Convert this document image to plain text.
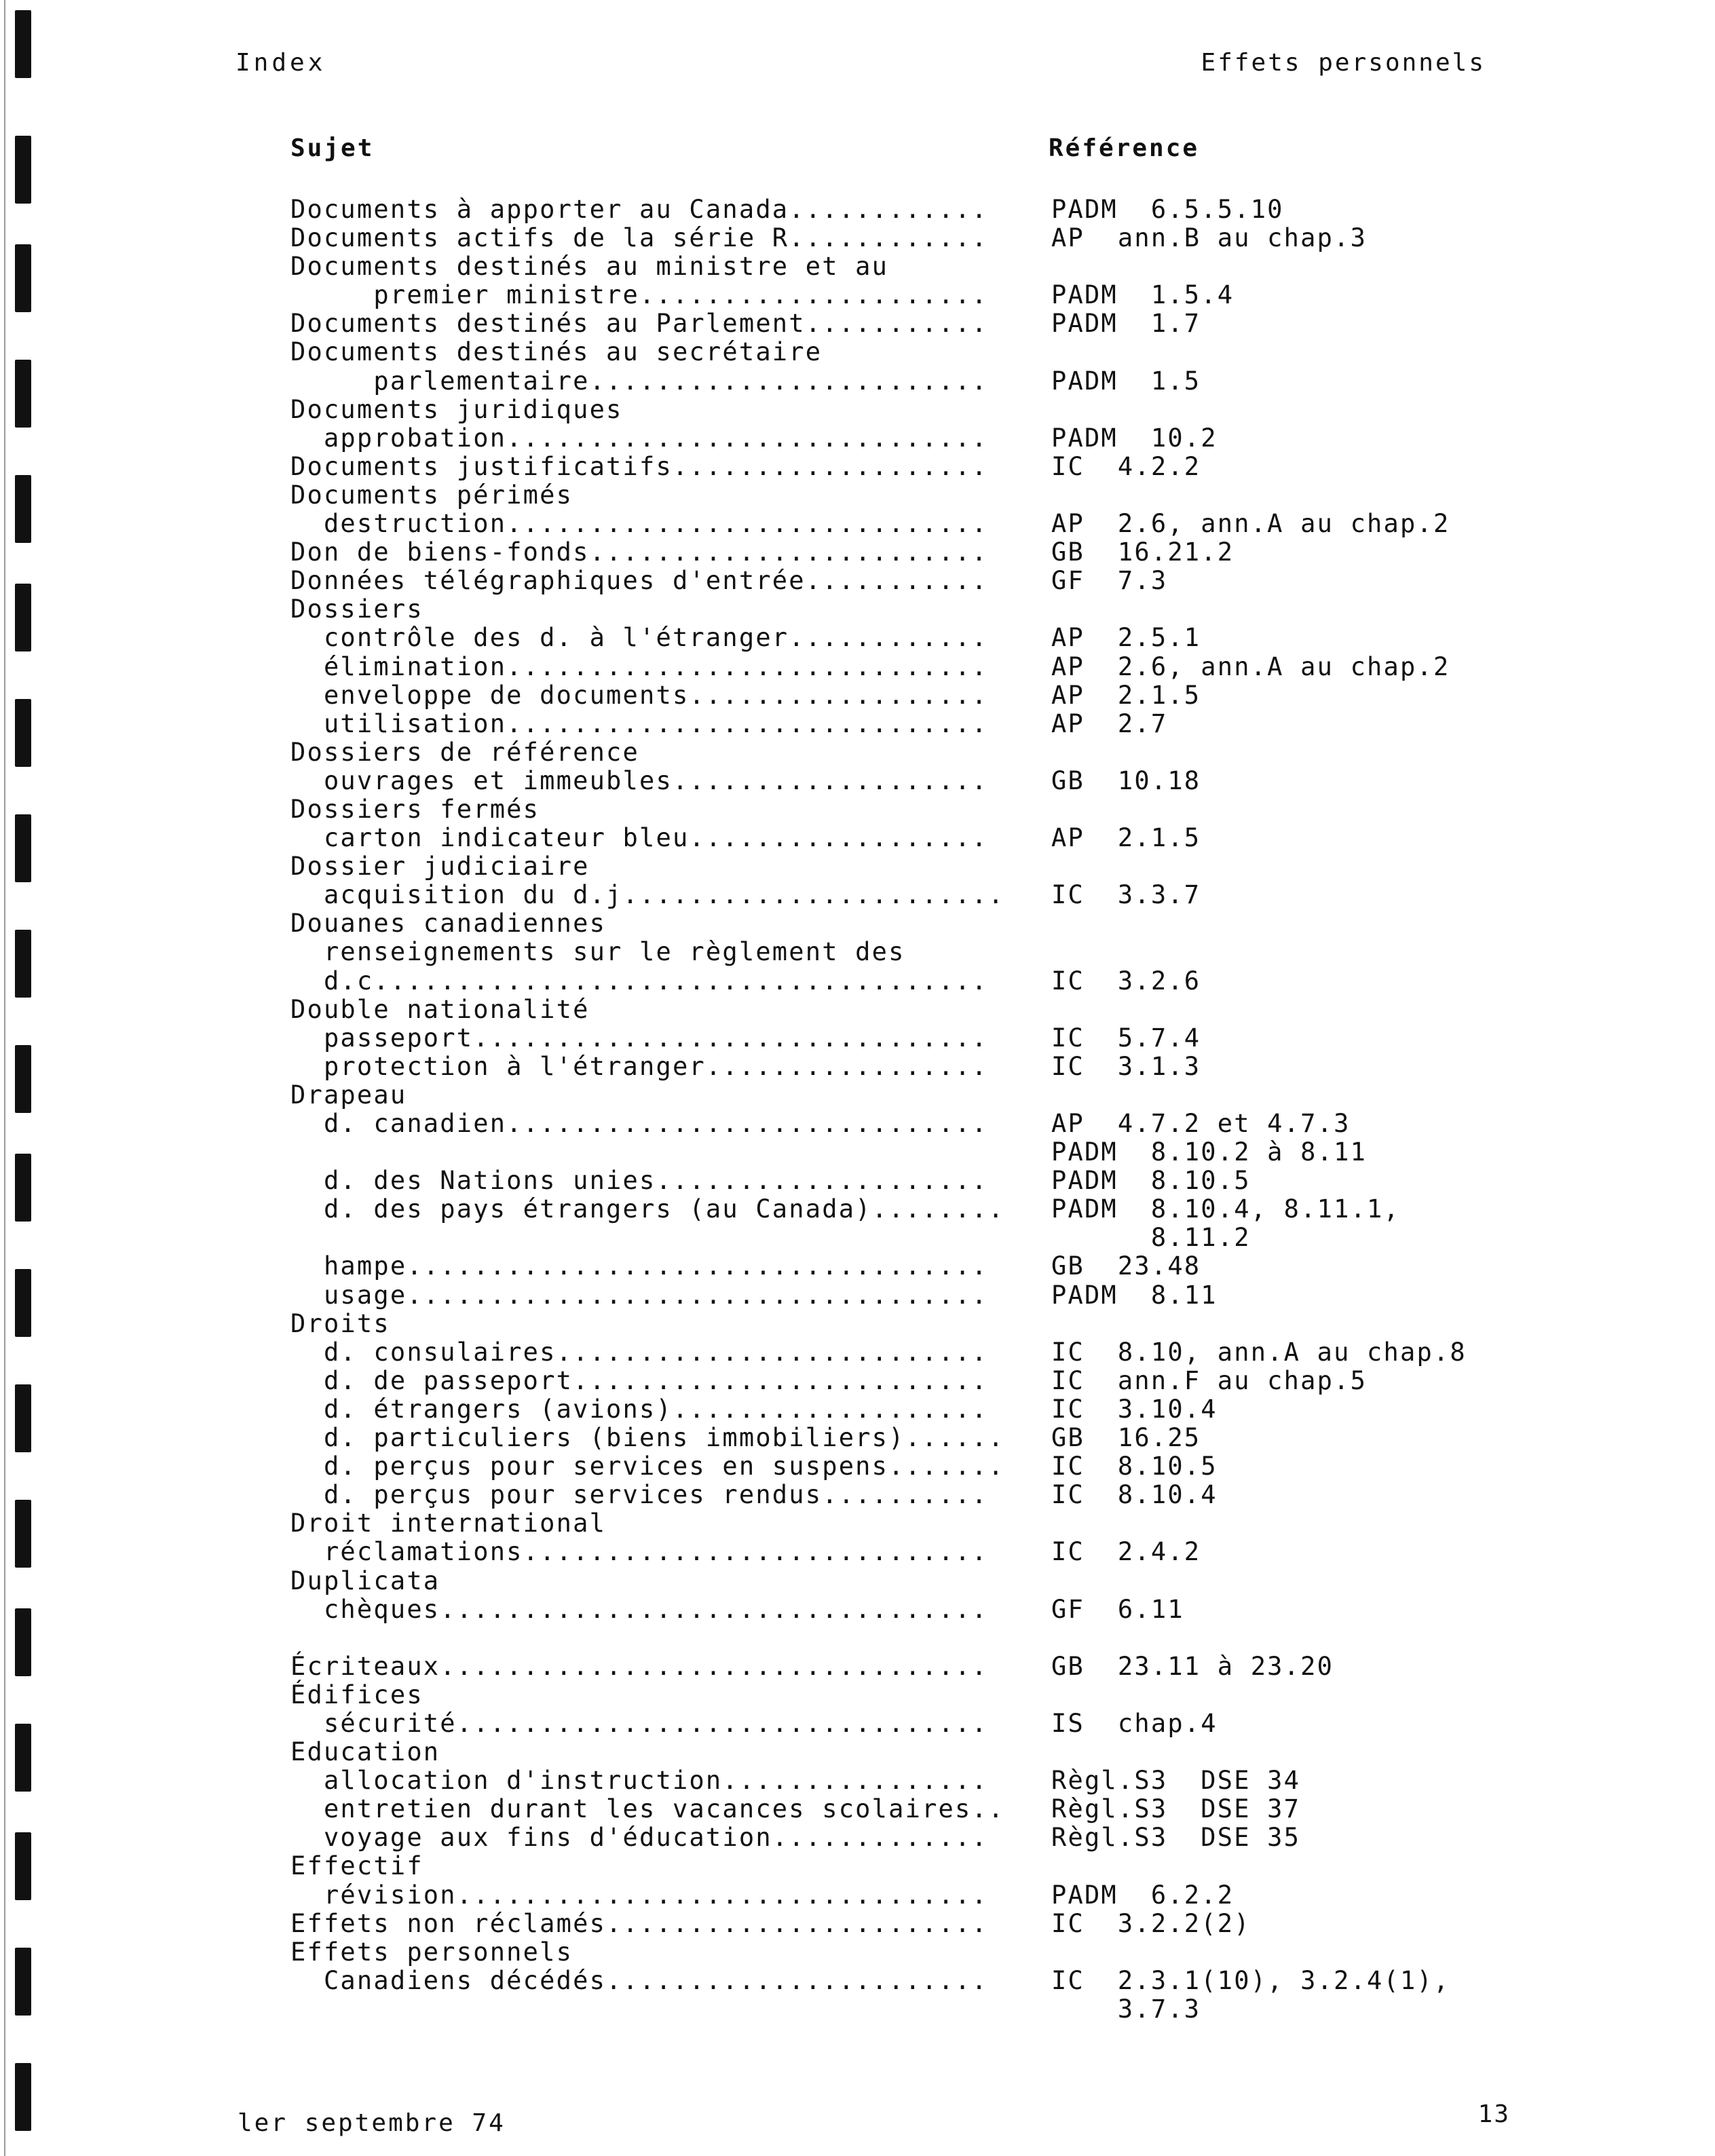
Index	Effets personnels
Sujet	Référence
Documents à apporter au Canada............	PADM  6.5.5.10
Documents actifs de la série R............	AP  ann.B au chap.3
Documents destinés au ministre et au
premier ministre.....................	PADM  1.5.4
Documents destinés au Parlement...........	PADM  1.7
Documents destinés au secrétaire
parlementaire........................	PADM  1.5
Documents juridiques
approbation.............................	PADM  10.2
Documents justificatifs...................	IC  4.2.2
Documents périmés
destruction.............................	AP  2.6, ann.A au chap.2
Don de biens-fonds........................	GB  16.21.2
Données télégraphiques d'entrée...........	GF  7.3
Dossiers
contrôle des d. à l'étranger............	AP  2.5.1
élimination.............................	AP  2.6, ann.A au chap.2
enveloppe de documents..................	AP  2.1.5
utilisation.............................	AP  2.7
Dossiers de référence
ouvrages et immeubles...................	GB  10.18
Dossiers fermés
carton indicateur bleu..................	AP  2.1.5
Dossier judiciaire
acquisition du d.j....................... IC  3.3.7
Douanes canadiennes
renseignements sur le règlement des
d.c.....................................	IC  3.2.6
Double nationalité
passeport...............................	IC  5.7.4
protection à l'étranger.................	IC  3.1.3
Drapeau
d. canadien.............................	AP  4.7.2 et 4.7.3
PADM  8.10.2 à 8.11
d. des Nations unies....................	PADM  8.10.5
d. des pays étrangers (au Canada)........ PADM  8.10.4, 8.11.1,
8.11.2
hampe...................................	GB  23.48
usage...................................	PADM  8.11
Droits
d. consulaires..........................	IC  8.10, ann.A au chap.8
d. de passeport.........................	IC  ann.F au chap.5
d. étrangers (avions)...................	IC  3.10.4
d. particuliers (biens immobiliers)...... GB  16.25
d. perçus pour services en suspens....... IC  8.10.5
d. perçus pour services rendus..........	IC  8.10.4
Droit international
réclamations............................	IC  2.4.2
Duplicata
chèques.................................	GF  6.11
Écriteaux.................................	GB  23.11 à 23.20
Édifices
sécurité................................	IS  chap.4
Education
allocation d'instruction................	Règl.S3  DSE 34
entretien durant les vacances scolaires.. Règl.S3  DSE 37
voyage aux fins d'éducation.............	Règl.S3  DSE 35
Effectif
révision................................	PADM  6.2.2
Effets non réclamés.......................	IC  3.2.2(2)
Effets personnels
Canadiens décédés.......................	IC  2.3.1(10), 3.2.4(1),
3.7.3
ler septembre 74	13
